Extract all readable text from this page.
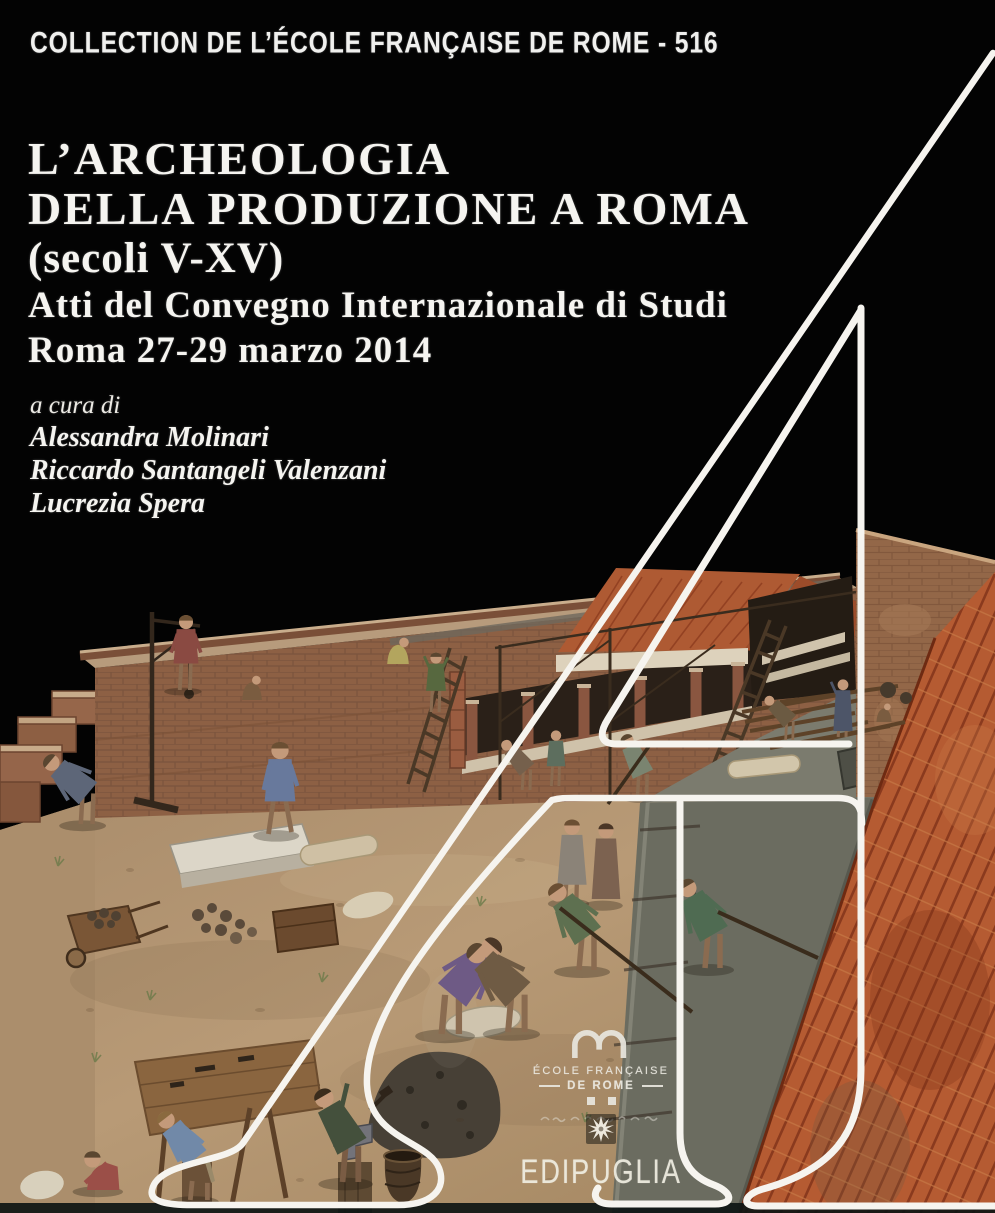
COLLECTION DE L’ÉCOLE FRANÇAISE DE ROME - 516
L’ARCHEOLOGIA
DELLA PRODUZIONE A ROMA
(secoli V-XV)
Atti del Convegno Internazionale di Studi
Roma 27-29 marzo 2014
a cura di
Alessandra Molinari
Riccardo Santangeli Valenzani
Lucrezia Spera
ÉCOLE FRANÇAISE
DE ROME
EDIPUGLIA
